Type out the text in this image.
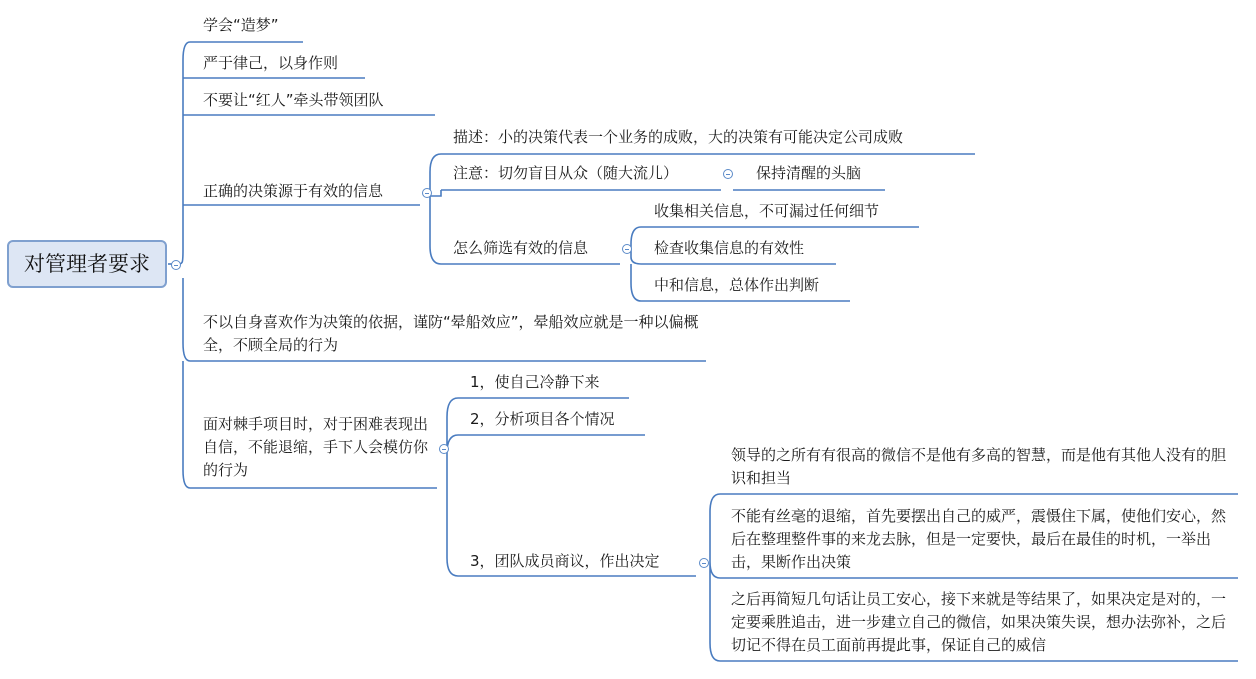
对管理者要求
学会“造梦”
严于律己，以身作则
不要让“红人”牵头带领团队
正确的决策源于有效的信息
描述：小的决策代表一个业务的成败，大的决策有可能决定公司成败
注意：切勿盲目从众（随大流儿）	保持清醒的头脑
怎么筛选有效的信息
收集相关信息，不可漏过任何细节
检查收集信息的有效性
中和信息，总体作出判断
不以自身喜欢作为决策的依据，谨防“晕船效应”，晕船效应就是一种以偏概全，不顾全局的行为
面对棘手项目时，对于困难表现出自信，不能退缩，手下人会模仿你的行为
1，使自己冷静下来
2，分析项目各个情况
3，团队成员商议，作出决定
领导的之所有有很高的微信不是他有多高的智慧，而是他有其他人没有的胆识和担当
不能有丝毫的退缩，首先要摆出自己的威严，震慑住下属，使他们安心，然后在整理整件事的来龙去脉，但是一定要快，最后在最佳的时机，一举出击，果断作出决策
之后再简短几句话让员工安心，接下来就是等结果了，如果决定是对的，一定要乘胜追击，进一步建立自己的微信，如果决策失误，想办法弥补，之后切记不得在员工面前再提此事，保证自己的威信
